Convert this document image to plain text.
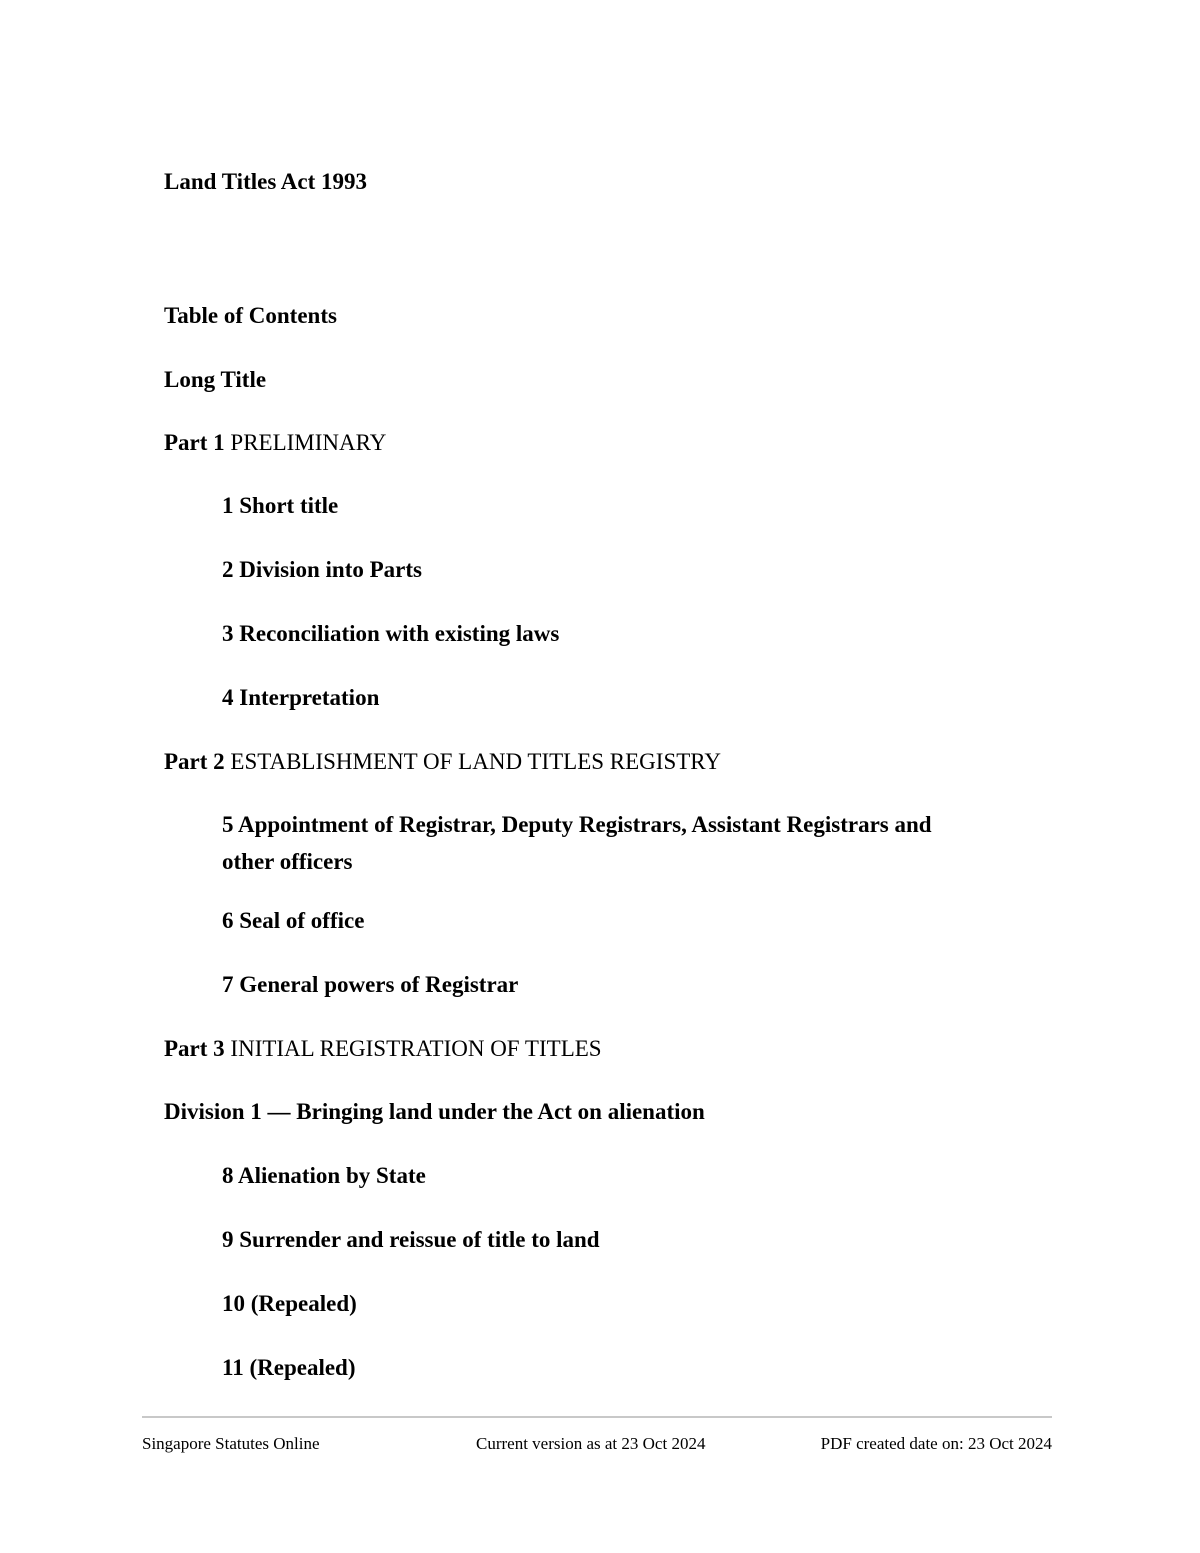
Land Titles Act 1993
Table of Contents
Long Title
Part 1 PRELIMINARY
1 Short title
2 Division into Parts
3 Reconciliation with existing laws
4 Interpretation
Part 2 ESTABLISHMENT OF LAND TITLES REGISTRY
5 Appointment of Registrar, Deputy Registrars, Assistant Registrars and other officers
6 Seal of office
7 General powers of Registrar
Part 3 INITIAL REGISTRATION OF TITLES
Division 1 — Bringing land under the Act on alienation
8 Alienation by State
9 Surrender and reissue of title to land
10 (Repealed)
11 (Repealed)
Singapore Statutes Online	Current version as at 23 Oct 2024	PDF created date on: 23 Oct 2024
